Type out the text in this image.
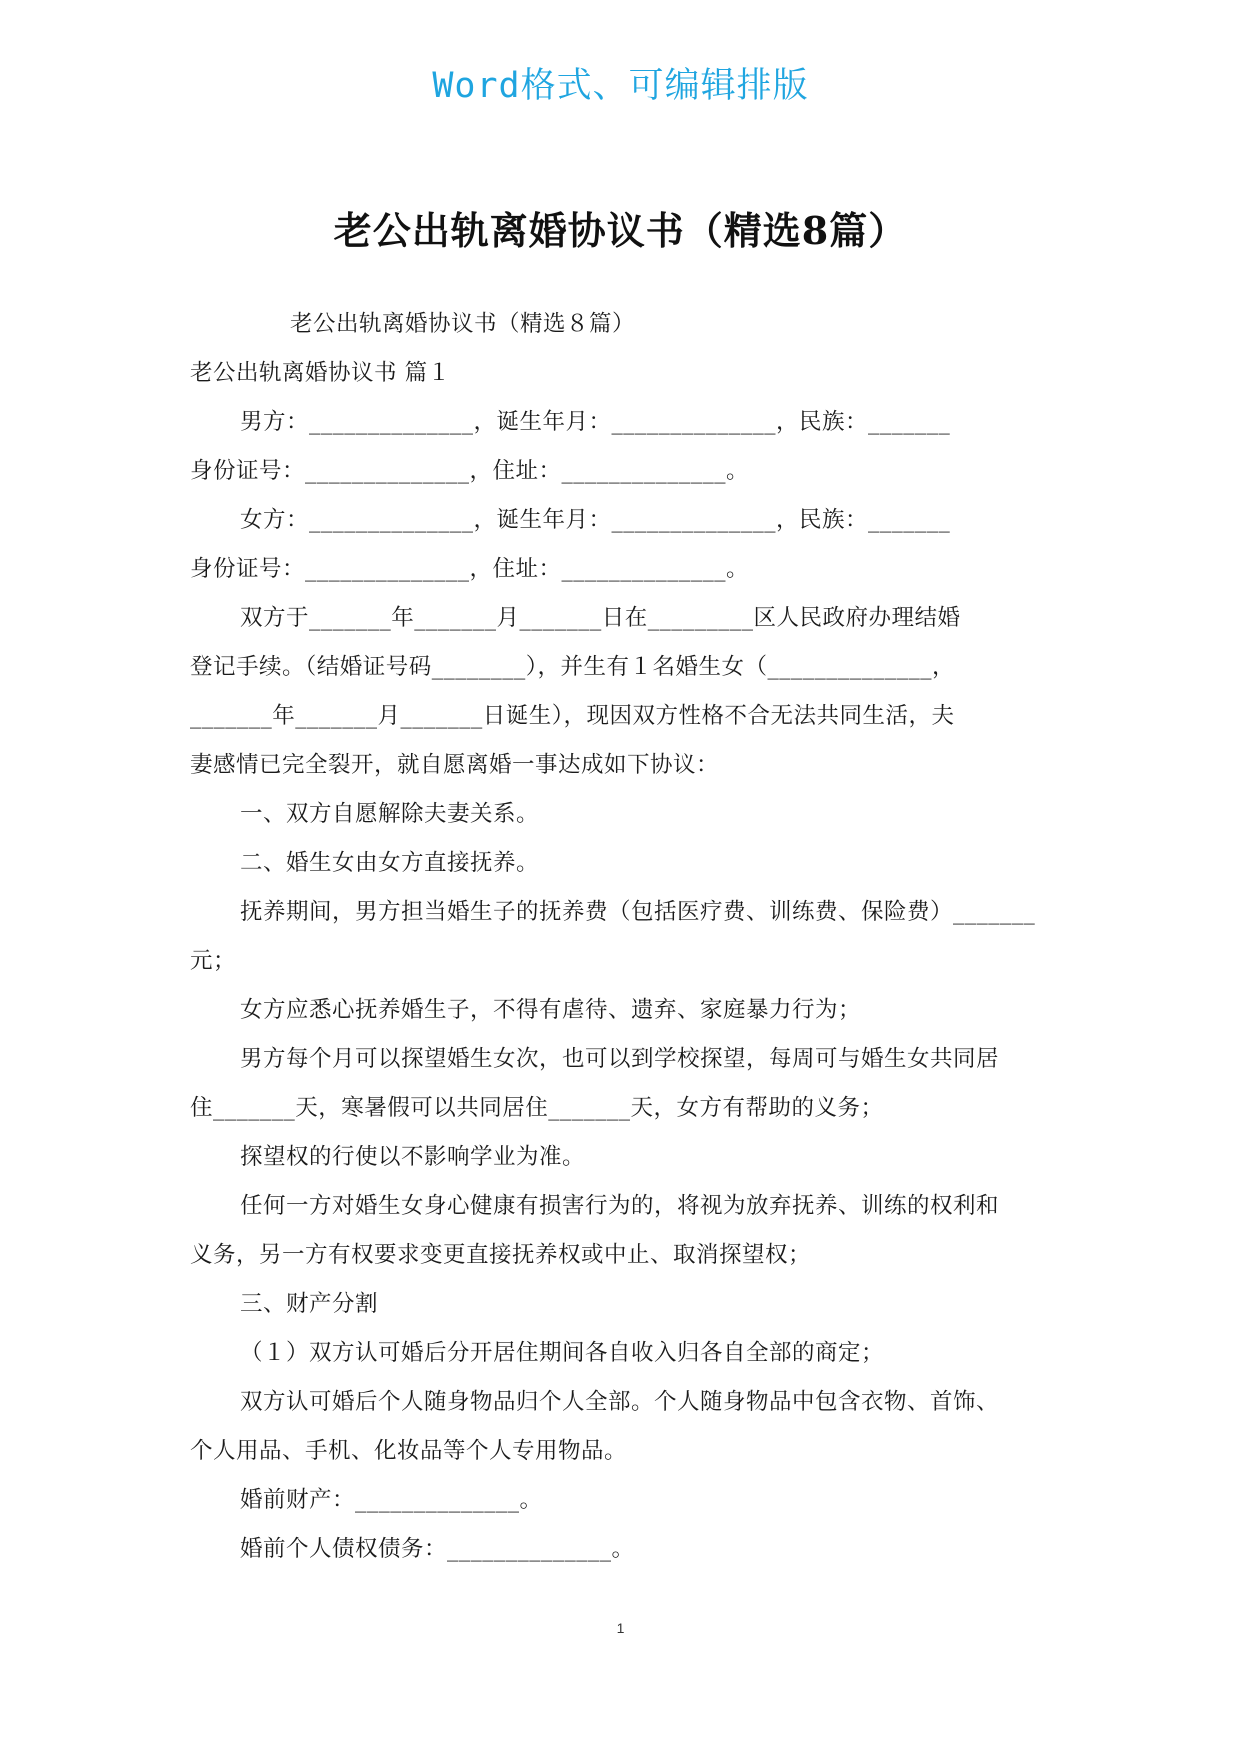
Word格式、可编辑排版
老公出轨离婚协议书（精选8篇）

老公出轨离婚协议书（精选８篇）

老公出轨离婚协议书 篇１

男方：______________，诞生年月：______________，民族：_______

身份证号：______________，住址：______________。

女方：______________，诞生年月：______________，民族：_______

身份证号：______________，住址：______________。

双方于_______年_______月_______日在_________区人民政府办理结婚

登记手续。（结婚证号码________），并生有１名婚生女（______________，

_______年_______月_______日诞生），现因双方性格不合无法共同生活，夫

妻感情已完全裂开，就自愿离婚一事达成如下协议：

一、双方自愿解除夫妻关系。

二、婚生女由女方直接抚养。

抚养期间，男方担当婚生子的抚养费（包括医疗费、训练费、保险费）_______

元；

女方应悉心抚养婚生子，不得有虐待、遗弃、家庭暴力行为；

男方每个月可以探望婚生女次，也可以到学校探望，每周可与婚生女共同居

住_______天，寒暑假可以共同居住_______天，女方有帮助的义务；

探望权的行使以不影响学业为准。

任何一方对婚生女身心健康有损害行为的，将视为放弃抚养、训练的权利和

义务，另一方有权要求变更直接抚养权或中止、取消探望权；

三、财产分割

（１）双方认可婚后分开居住期间各自收入归各自全部的商定；

双方认可婚后个人随身物品归个人全部。个人随身物品中包含衣物、首饰、

个人用品、手机、化妆品等个人专用物品。

婚前财产：______________。

婚前个人债权债务：______________。

1
